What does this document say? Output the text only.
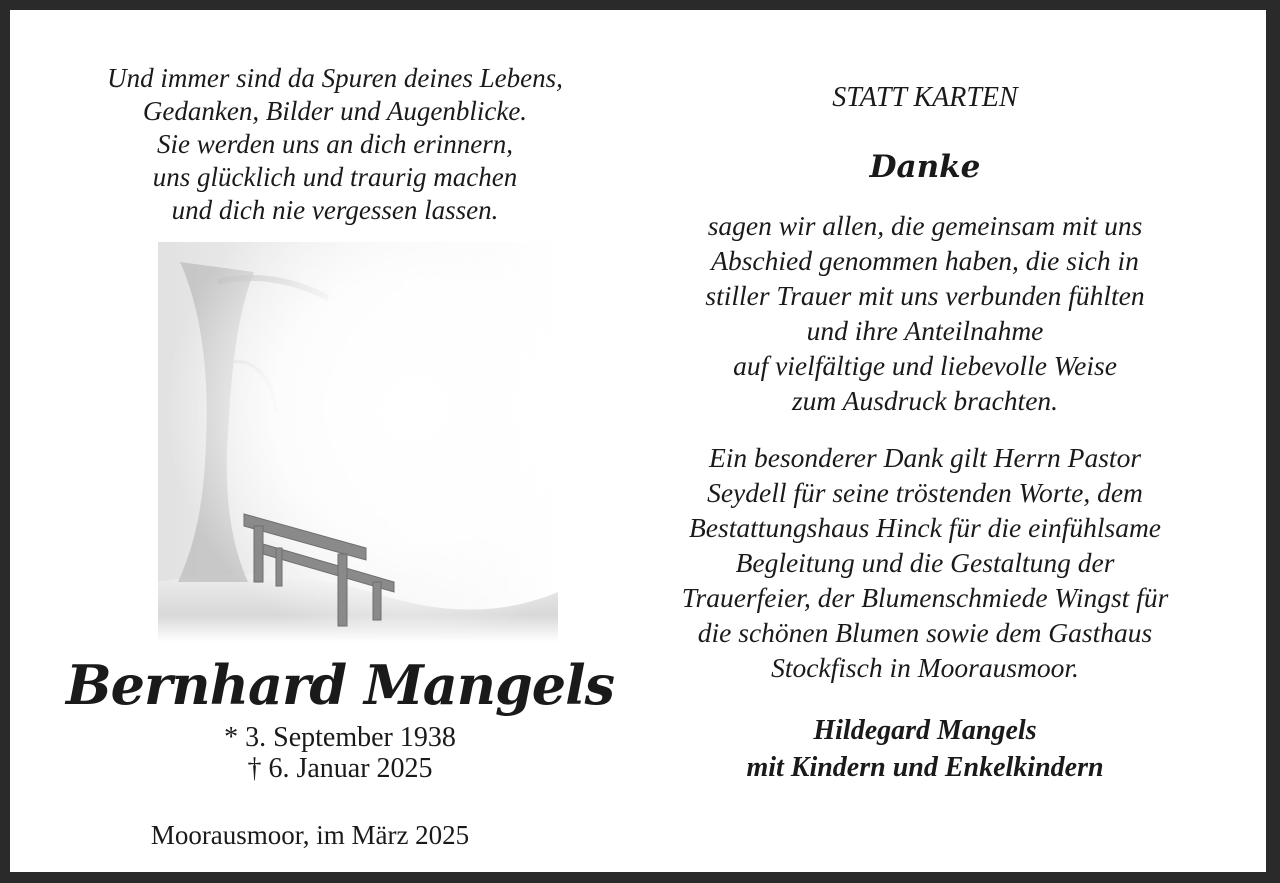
Und immer sind da Spuren deines Lebens,
Gedanken, Bilder und Augenblicke.
Sie werden uns an dich erinnern,
uns glücklich und traurig machen
und dich nie vergessen lassen.
Bernhard Mangels
* 3. September 1938
† 6. Januar 2025
Moorausmoor, im März 2025
STATT KARTEN
Danke
sagen wir allen, die gemeinsam mit uns
Abschied genommen haben, die sich in
stiller Trauer mit uns verbunden fühlten
und ihre Anteilnahme
auf vielfältige und liebevolle Weise
zum Ausdruck brachten.
Ein besonderer Dank gilt Herrn Pastor
Seydell für seine tröstenden Worte, dem
Bestattungshaus Hinck für die einfühlsame
Begleitung und die Gestaltung der
Trauerfeier, der Blumenschmiede Wingst für
die schönen Blumen sowie dem Gasthaus
Stockfisch in Moorausmoor.
Hildegard Mangels
mit Kindern und Enkelkindern
